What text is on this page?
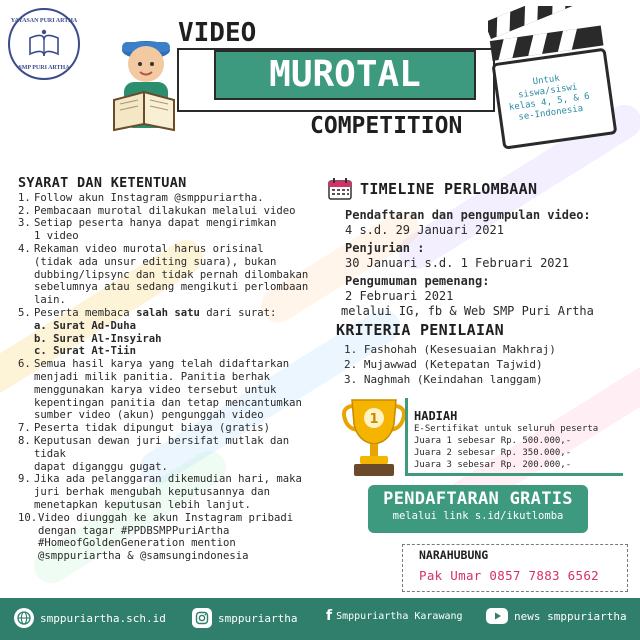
YAYASAN PURI ARTHA
SMP PURI ARTHA
VIDEO
MUROTAL
COMPETITION
Untuk siswa/siswi kelas 4, 5, & 6 se-Indonesia
SYARAT DAN KETENTUAN
1. Follow akun Instagram @smppuriartha.
2. Pembacaan murotal dilakukan melalui video
3. Setiap peserta hanya dapat mengirimkan
1 video
4. Rekaman video murotal harus orisinal
(tidak ada unsur editing suara), bukan
dubbing/lipsync dan tidak pernah dilombakan
sebelumnya atau sedang mengikuti perlombaan
lain.
5. Peserta membaca salah satu dari surat:
a. Surat Ad-Duha
b. Surat Al-Insyirah
c. Surat At-Tiin
6. Semua hasil karya yang telah didaftarkan
menjadi milik panitia. Panitia berhak
menggunakan karya video tersebut untuk
kepentingan panitia dan tetap mencantumkan
sumber video (akun) pengunggah video
7. Peserta tidak dipungut biaya (gratis)
8. Keputusan dewan juri bersifat mutlak dan tidak
dapat diganggu gugat.
9. Jika ada pelanggaran dikemudian hari, maka
juri berhak mengubah keputusannya dan
menetapkan keputusan lebih lanjut.
10. Video diunggah ke akun Instagram pribadi
dengan tagar #PPDBSMPPuriArtha
#HomeofGoldenGeneration mention
@smppuriartha & @samsungindonesia
TIMELINE PERLOMBAAN
Pendaftaran dan pengumpulan video:
4 s.d. 29 Januari 2021
Penjurian :
30 Januari s.d. 1 Februari 2021
Pengumuman pemenang:
2 Februari 2021
melalui IG, fb & Web SMP Puri Artha
KRITERIA PENILAIAN
1. Fashohah (Kesesuaian Makhraj)
2. Mujawwad (Ketepatan Tajwid)
3. Naghmah (Keindahan langgam)
1	HADIAH
E-Sertifikat untuk seluruh peserta
Juara 1 sebesar Rp. 500.000,-
Juara 2 sebesar Rp. 350.000,-
Juara 3 sebesar Rp. 200.000,-
PENDAFTARAN GRATIS
melalui link s.id/ikutlomba
NARAHUBUNG
Pak Umar 0857 7883 6562
smppuriartha.sch.id	smppuriartha f Smppuriartha Karawang	news smppuriartha
